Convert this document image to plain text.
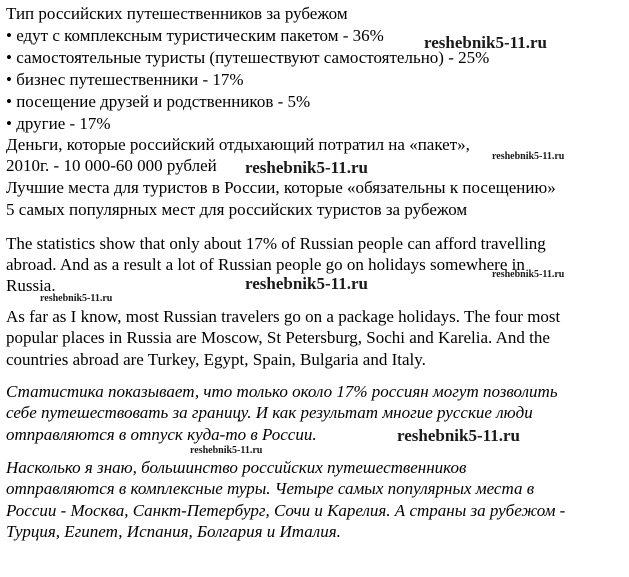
Тип российских путешественников за рубежом
• едут с комплексным туристическим пакетом - 36%
• самостоятельные туристы (путешествуют самостоятельно) - 25%
• бизнес путешественники - 17%
• посещение друзей и родственников - 5%
• другие - 17%
Деньги, которые российский отдыхающий потратил на «пакет»,
2010г. - 10 000-60 000 рублей
Лучшие места для туристов в России, которые «обязательны к посещению»
5 самых популярных мест для российских туристов за рубежом
The statistics show that only about 17% of Russian people can afford travelling
abroad. And as a result a lot of Russian people go on holidays somewhere in
Russia.
As far as I know, most Russian travelers go on a package holidays. The four most
popular places in Russia are Moscow, St Petersburg, Sochi and Karelia. And the
countries abroad are Turkey, Egypt, Spain, Bulgaria and Italy.
Статистика показывает, что только около 17% россиян могут позволить
себе путешествовать за границу. И как результат многие русские люди
отправляются в отпуск куда-то в России.
Насколько я знаю, большинство российских путешественников
отправляются в комплексные туры. Четыре самых популярных места в
России - Москва, Санкт-Петербург, Сочи и Карелия. А страны за рубежом -
Турция, Египет, Испания, Болгария и Италия.
reshebnik5-11.ru
reshebnik5-11.ru
reshebnik5-11.ru
reshebnik5-11.ru	reshebnik5-11.ru
reshebnik5-11.ru
reshebnik5-11.ru
reshebnik5-11.ru
